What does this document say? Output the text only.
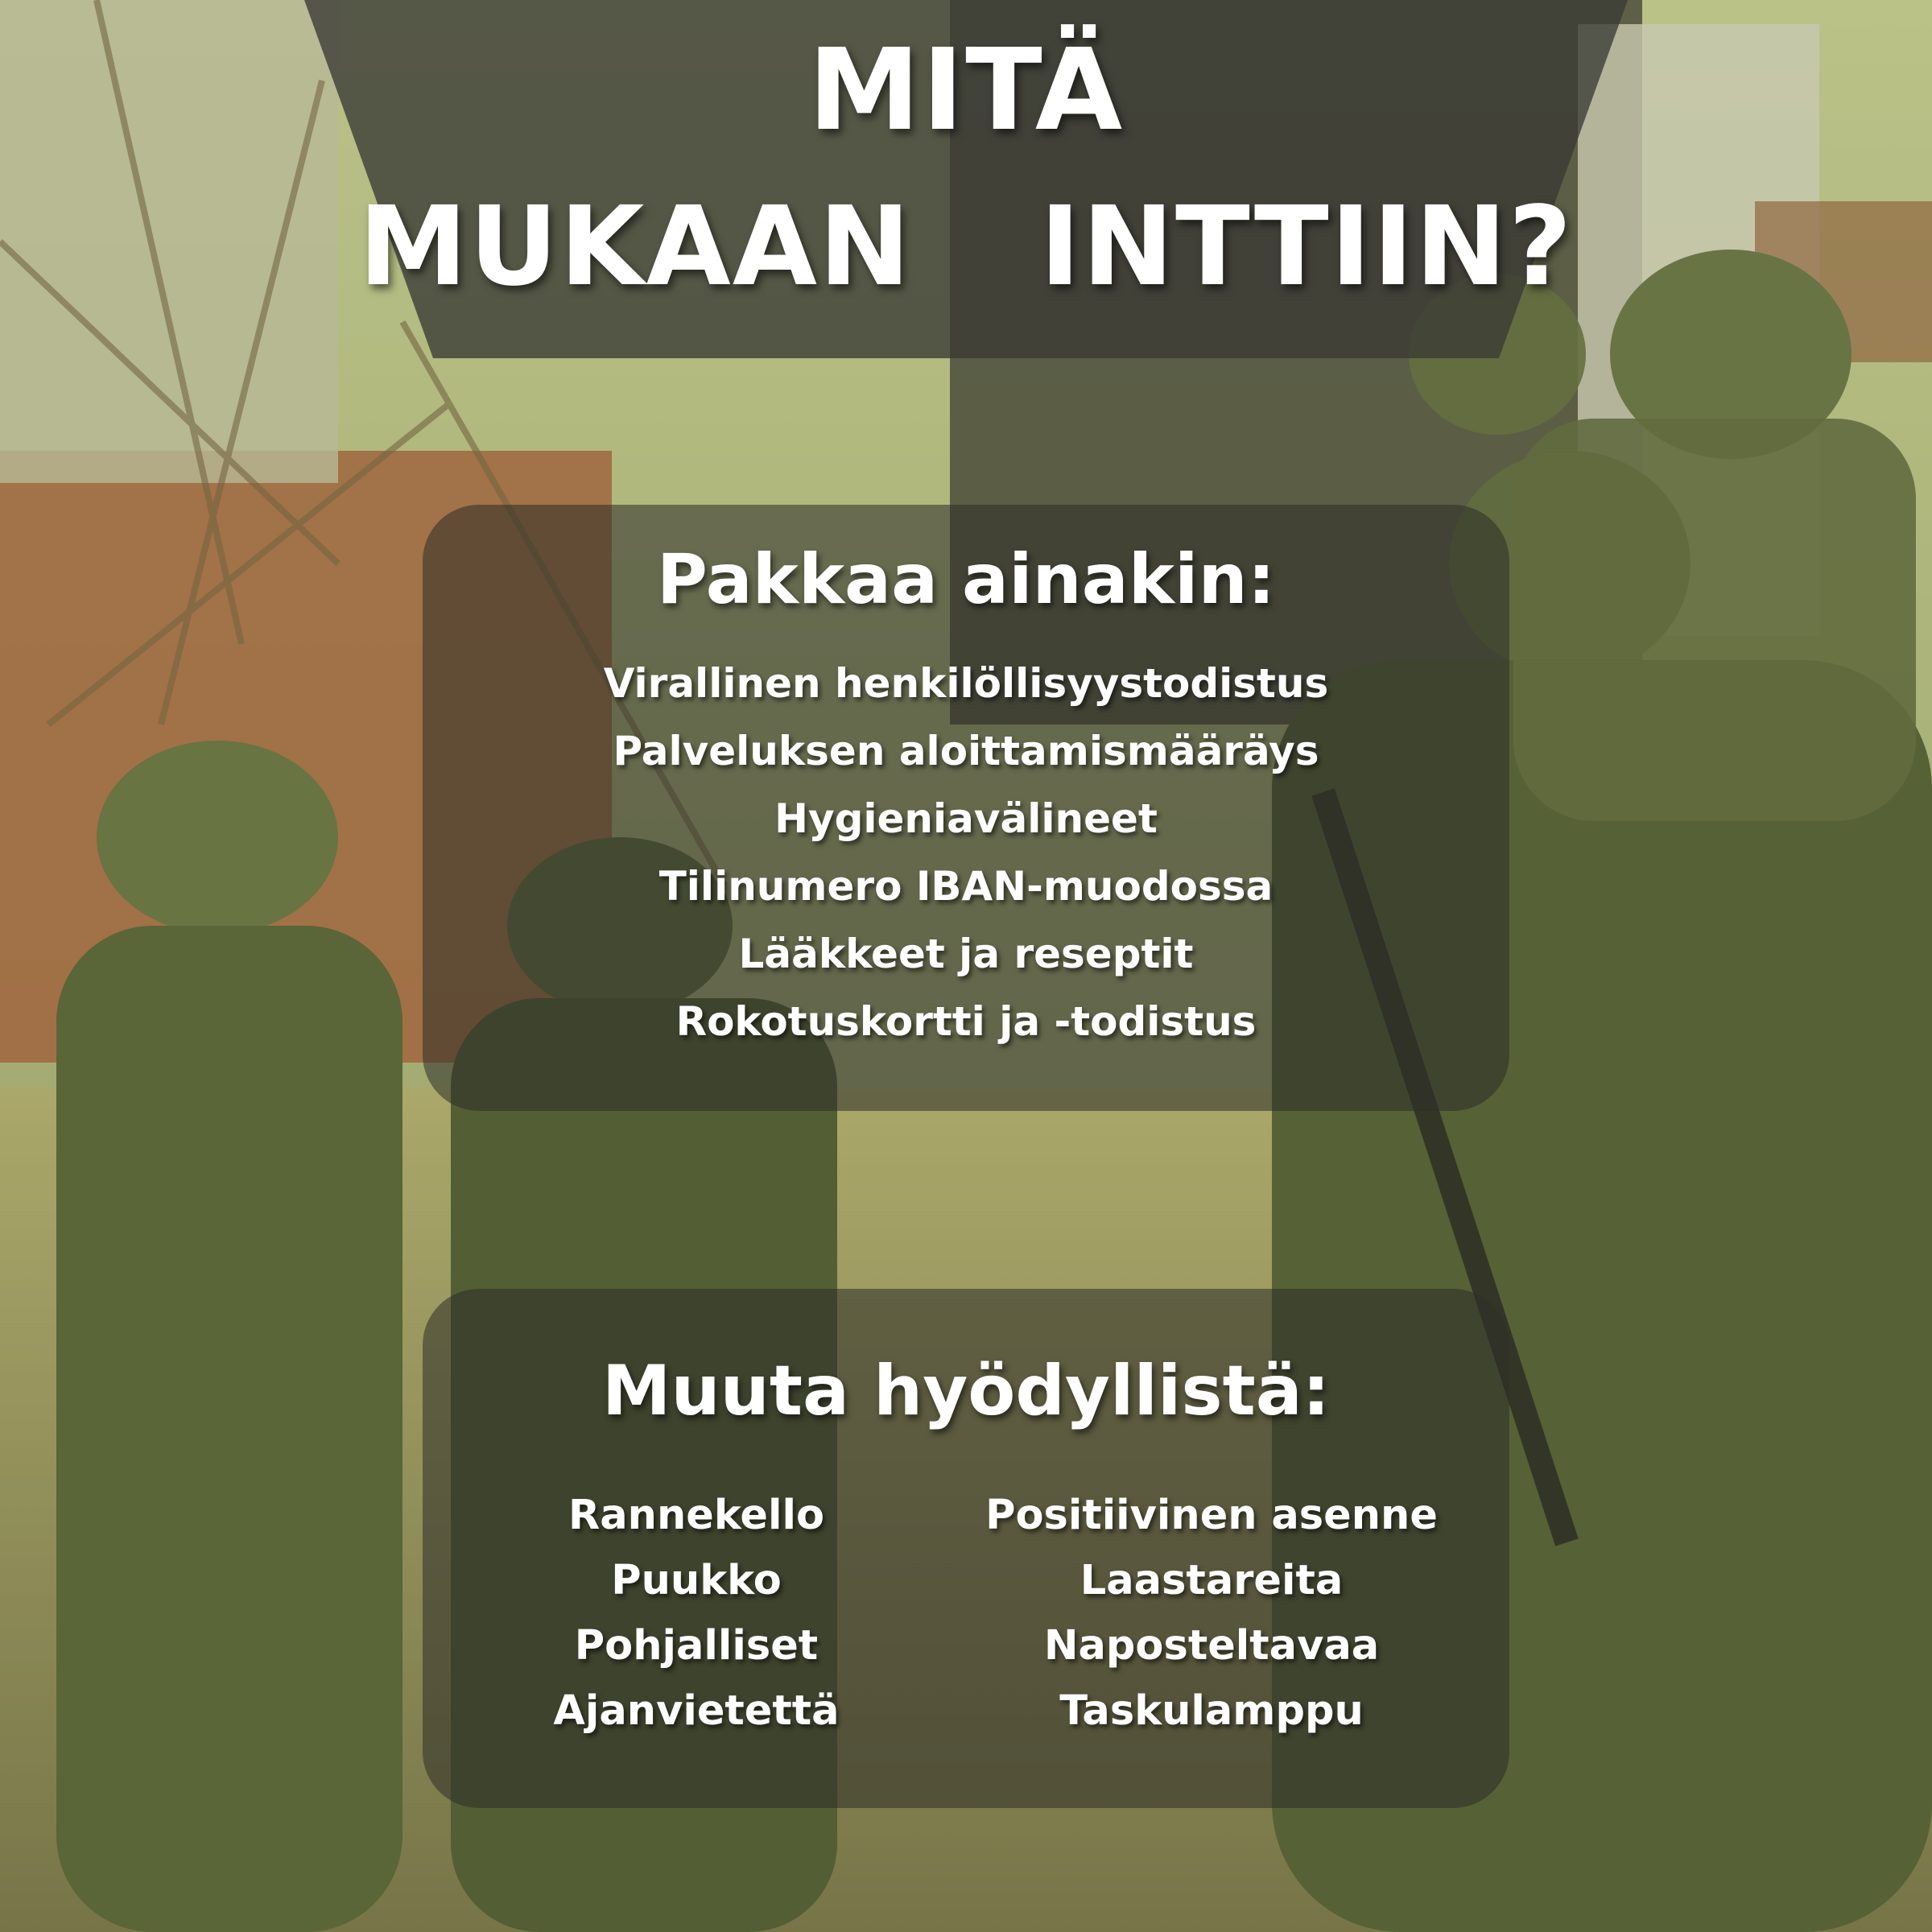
MITÄ
MUKAAN  INTTIIN?
Pakkaa ainakin:
Virallinen henkilöllisyystodistus
Palveluksen aloittamismääräys
Hygieniavälineet
Tilinumero IBAN-muodossa
Lääkkeet ja reseptit
Rokotuskortti ja -todistus
Muuta hyödyllistä:
Rannekello
Puukko
Pohjalliset
Ajanvietettä
Positiivinen asenne
Laastareita
Naposteltavaa
Taskulamppu
